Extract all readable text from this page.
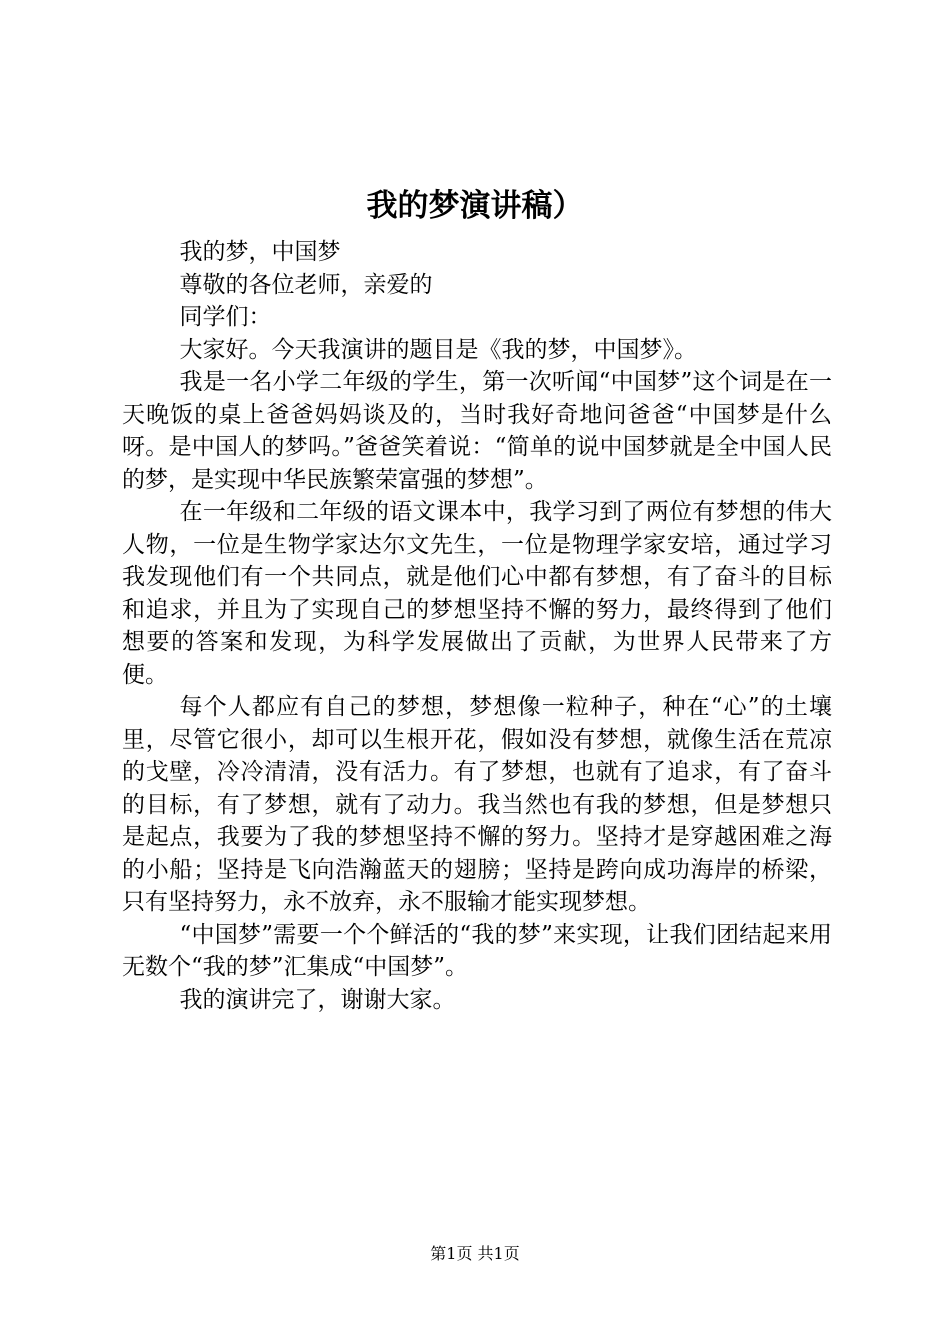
我的梦演讲稿）

我的梦，中国梦

尊敬的各位老师，亲爱的

同学们：

大家好。今天我演讲的题目是《我的梦，中国梦》。

我是一名小学二年级的学生，第一次听闻“中国梦”这个词是在一天晚饭的桌上爸爸妈妈谈及的，当时我好奇地问爸爸“中国梦是什么呀。是中国人的梦吗。”爸爸笑着说：“简单的说中国梦就是全中国人民的梦，是实现中华民族繁荣富强的梦想”。

在一年级和二年级的语文课本中，我学习到了两位有梦想的伟大人物，一位是生物学家达尔文先生，一位是物理学家安培，通过学习我发现他们有一个共同点，就是他们心中都有梦想，有了奋斗的目标和追求，并且为了实现自己的梦想坚持不懈的努力，最终得到了他们想要的答案和发现，为科学发展做出了贡献，为世界人民带来了方便。

每个人都应有自己的梦想，梦想像一粒种子，种在“心”的土壤里，尽管它很小，却可以生根开花，假如没有梦想，就像生活在荒凉的戈壁，冷冷清清，没有活力。有了梦想，也就有了追求，有了奋斗的目标，有了梦想，就有了动力。我当然也有我的梦想，但是梦想只是起点，我要为了我的梦想坚持不懈的努力。坚持才是穿越困难之海的小船；坚持是飞向浩瀚蓝天的翅膀；坚持是跨向成功海岸的桥梁，只有坚持努力，永不放弃，永不服输才能实现梦想。

“中国梦”需要一个个鲜活的“我的梦”来实现，让我们团结起来用无数个“我的梦”汇集成“中国梦”。

我的演讲完了，谢谢大家。

第1页 共1页
